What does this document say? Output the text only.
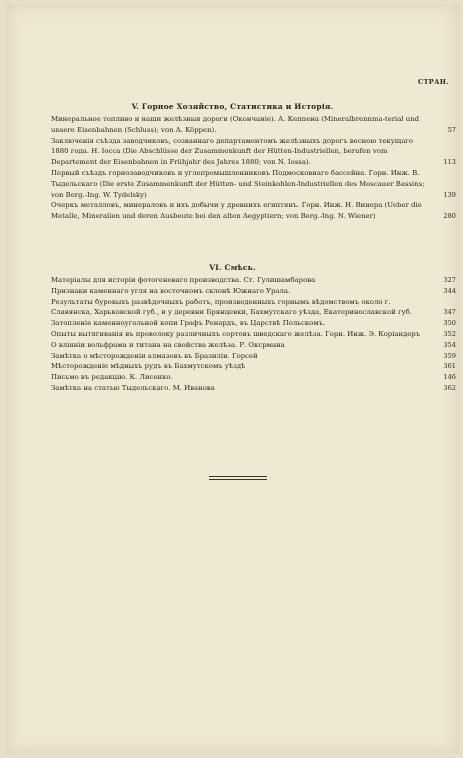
СТРАН.
V. Горное Хозяйство, Статистика и Исторія.
Минеральное топливо и наши желѣзныя дороги (Окончаніе). А. Кеппена (Mineralbrennma-terial und unsere Eisenbahnen (Schluss); von A. Köppen).	57
Заключенія съѣзда заводчиковъ, созваннаго департаментомъ желѣзныхъ дорогъ весною текущаго 1880 года. Н. Іосса (Die Abschlüsse der Zusammenkunft der Hütten-Industriellen, berufen vom Departement der Eisenbahnen in Frühjahr des Jahres 1880; von N. Iossa).	113
Первый съѣздъ горнозаводчиковъ и углепромышленниковъ Подмосковнаго бассейна. Горн. Инж. В. Тыдельскаго (Die erste Zusammenkunft der Hütten- und Steinkohlen-Industriellen des Moscauer Bassins; von Berg.-Ing. W. Tydelsky)	139
Очеркъ металловъ, минераловъ и ихъ добычи у древнихъ египтянъ. Горн. Инж. Н. Винера (Ueber die Metalle, Mineralien und deren Ausbeute bei den alten Aegyptiern; von Berg.-Ing. N. Wiener)	280
VI. Смѣсь.
Матеріалы для исторіи фотогеноваго производства. Ст. Гулишамбарова	327
Признаки каменнаго угля на восточномъ склонѣ Южнаго Урала.	344
Результаты буровыхъ развѣдочныхъ работъ, произведенныхъ горнымъ вѣдомствомъ около г. Славянска, Харьковской губ., и у деревни Брянцевки, Бахмутскаго уѣзда, Екатеринославской губ.	347
Затопленіе каменноугольной копи Графъ Ренардъ, въ Царствѣ Польскомъ.	350
Опыты вытягиванія въ проволоку различныхъ сортовъ шведскаго желѣза. Горн. Инж. Э. Коріандеръ	352
О вліяніи вольфрама и титана на свойства желѣза. Р. Оксрмана	354
Замѣтка о мѣсторожденіи алмазовъ въ Бразиліи. Горсей	359
Мѣсторожденіе мѣдныхъ рудъ въ Бахмутскомъ уѣздѣ	361
Письмо въ редакцію. К. Лисенко.	146
Замѣтка на статью Тыдельскаго. М. Иванова	362
